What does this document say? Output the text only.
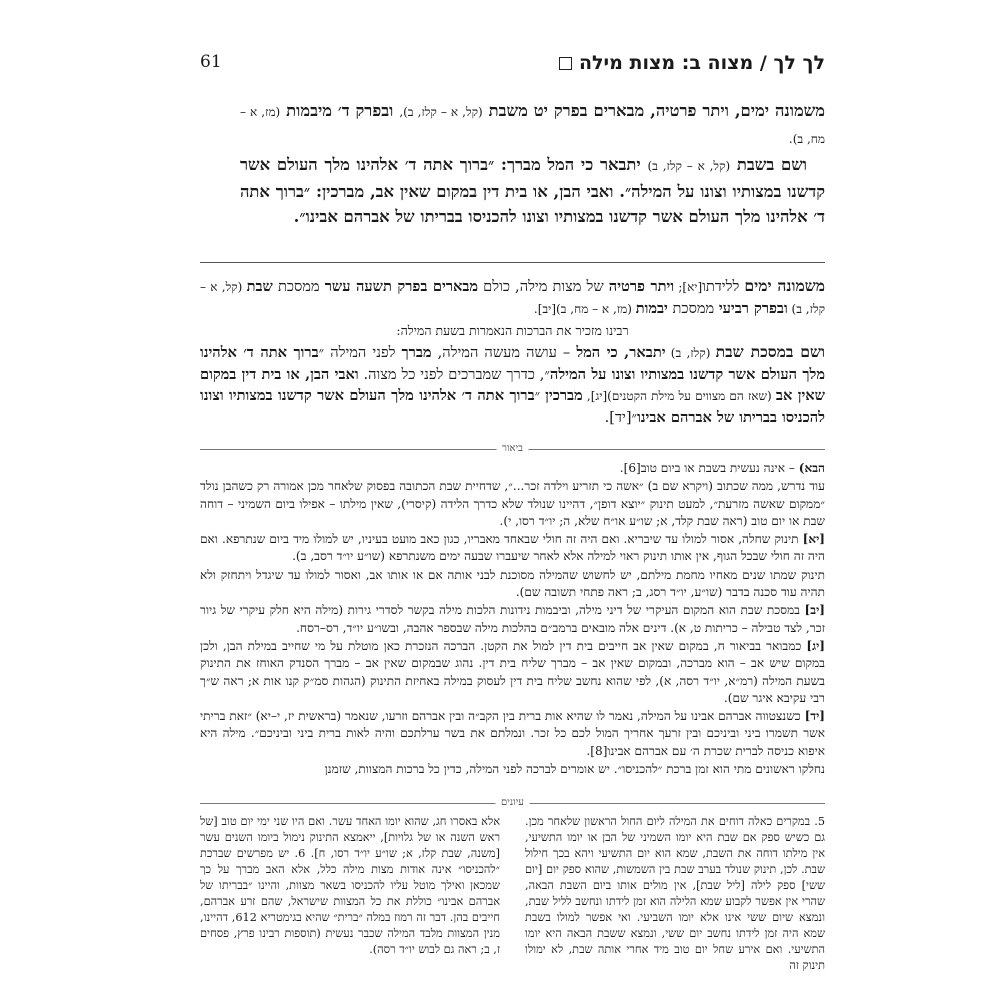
לך לך / מצוה ב: מצות מילה
61

משמונה ימים, ויתר פרטיה, מבארים בפרק יט משבת (קל, א – קלז, ב), ובפרק ד׳ מיבמות (מז, א – מח, ב).

ושם בשבת (קל, א – קלז, ב) יתבאר כי המל מברך: ״ברוך אתה ד׳ אלהינו מלך העולם אשר קדשנו במצותיו וצונו על המילה״. ואבי הבן, או בית דין במקום שאין אב, מברכין: ״ברוך אתה ד׳ אלהינו מלך העולם אשר קדשנו במצותיו וצונו להכניסו בבריתו של אברהם אבינו״.

משמונה ימים ללידתו[יא]; ויתר פרטיה של מצות מילה, כולם מבארים בפרק תשעה עשר ממסכת שבת (קל, א – קלז, ב) ובפרק רביעי ממסכת יבמות (מז, א – מח, ב)[יב].

רבינו מזכיר את הברכות הנאמרות בשעת המילה:

ושם במסכת שבת (קלז, ב) יתבאר, כי המל – עושה מעשה המילה, מברך לפני המילה ״ברוך אתה ד׳ אלהינו מלך העולם אשר קדשנו במצותיו וצונו על המילה״, כדרך שמברכים לפני כל מצוה. ואבי הבן, או בית דין במקום שאין אב (שאז הם מצווים על מילת הקטנים)[יג], מברכין ״ברוך אתה ד׳ אלהינו מלך העולם אשר קדשנו במצותיו וצונו להכניסו בבריתו של אברהם אבינו״[יד].

ביאור

הבא) – אינה נעשית בשבת או ביום טוב[6].

עוד נדרש, ממה שכתוב (ויקרא שם ב) ״אשה כי תזריע וילדה זכר...״, שדחיית שבת הכתובה בפסוק שלאחר מכן אמורה רק כשהבן נולד ״ממקום שאשה מזרעת״, למעט תינוק ״יוצא דופן״, דהיינו שנולד שלא כדרך הלידה (קיסרי), שאין מילתו – אפילו ביום השמיני – דוחה שבת או יום טוב (ראה שבת קלד, א; שו״ע או״ח שלא, ה; יו״ד רסו, י).

[יא] תינוק שחלה, אסור למולו עד שיבריא. ואם היה זה חולי שבאחד מאבריו, כגון כאב מועט בעיניו, יש למולו מיד ביום שנתרפא. ואם היה זה חולי שבכל הגוף, אין אותו תינוק ראוי למילה אלא לאחר שיעברו שבעה ימים משנתרפא (שו״ע יו״ד רסב, ב).

תינוק שמתו שנים מאחיו מחמת מילתם, יש לחשוש שהמילה מסוכנת לבני אותה אם או אותו אב, ואסור למולו עד שיגדל ויתחזק ולא תהיה עוד סכנה בדבר (שו״ע, יו״ד רסג, ב; ראה פתחי תשובה שם).

[יב] במסכת שבת הוא המקום העיקרי של דיני מילה, וביבמות נידונות הלכות מילה בקשר לסדרי גירות (מילה היא חלק עיקרי של גיור זכר, לצד טבילה – כריתות ט, א). דינים אלה מובאים ברמב״ם בהלכות מילה שבספר אהבה, ובשו״ע יו״ד, רס–רסח.

[יג] כמבואר בביאור ח, במקום שאין אב חייבים בית דין למול את הקטן. הברכה הנזכרת כאן מוטלת על מי שחייב במילת הבן, ולכן במקום שיש אב – הוא מברכה, ובמקום שאין אב – מברך שליח בית דין. נהוג שבמקום שאין אב – מברך הסנדק האוחז את התינוק בשעת המילה (רמ״א, יו״ד רסה, א), לפי שהוא נחשב שליח בית דין לעסוק במילה באחיזת התינוק (הגהות סמ״ק קנו אות א; ראה ש״ך רבי עקיבא איגר שם).

[יד] כשנצטווה אברהם אבינו על המילה, נאמר לו שהיא אות ברית בין הקב״ה ובין אברהם וזרעו, שנאמר (בראשית יז, י–יא) ״זאת בריתי אשר תשמרו ביני וביניכם ובין זרעך אחריך המול לכם כל זכר. ונמלתם את בשר ערלתכם והיה לאות ברית ביני וביניכם״. מילה היא איפוא כניסה לברית שכרת ה׳ עם אברהם אבינו[8].

נחלקו ראשונים מתי הוא זמן ברכת ״להכניסו״. יש אומרים לברכה לפני המילה, כדין כל ברכות המצוות, שזמנן

עיונים

5. במקרים כאלה דוחים את המילה ליום החול הראשון שלאחר מכן. גם כשיש ספק אם שבת היא יומו השמיני של הבן או יומו התשיעי, אין מילתו דוחה את השבת, שמא הוא יום התשיעי ויהא בכך חילול שבת. לכן, תינוק שנולד בערב שבת בין השמשות, שהוא ספק יום [יום ששי] ספק לילה [ליל שבת], אין מולים אותו ביום השבת הבאה, שהרי אין אפשר לקבוע שמא הלילה הוא זמן לידתו ונחשב לליל שבת, ונמצא שיום ששי אינו אלא יומו השביעי. ואי אפשר למולו בשבת שמא היה זמן לידתו נחשב יום ששי, ונמצא ששבת הבאה היא יומו התשיעי. ואם אירע שחל יום טוב מיד אחרי אותה שבת, לא ימולו תינוק זה

אלא באסרו חג, שהוא יומו האחד עשר. ואם היו שני ימי יום טוב [של ראש השנה או של גלויות], ייאמצא התינוק נימול ביומו השנים עשר [משנה, שבת קלז, א; שו״ע יו״ד רסו, ח]. 6. יש מפרשים שברכת ״להכניסו״ אינה אודות מצות מילה כלל, אלא האב מברך על כך שמכאן ואילך מוטל עליו להכניסו בשאר מצוות, והיינו ״בבריתו של אברהם אבינו״ כוללת את כל המצוות שישראל, שהם זרע אברהם, חייבים בהן. דבר זה רמוז במלה ״ברית״ שהיא בגימטריא 612, דהיינו, מנין המצוות מלבד המילה שכבר נעשית (תוספות רבינו פרץ, פסחים ז, ב; ראה גם לבוש יו״ד רסה).
